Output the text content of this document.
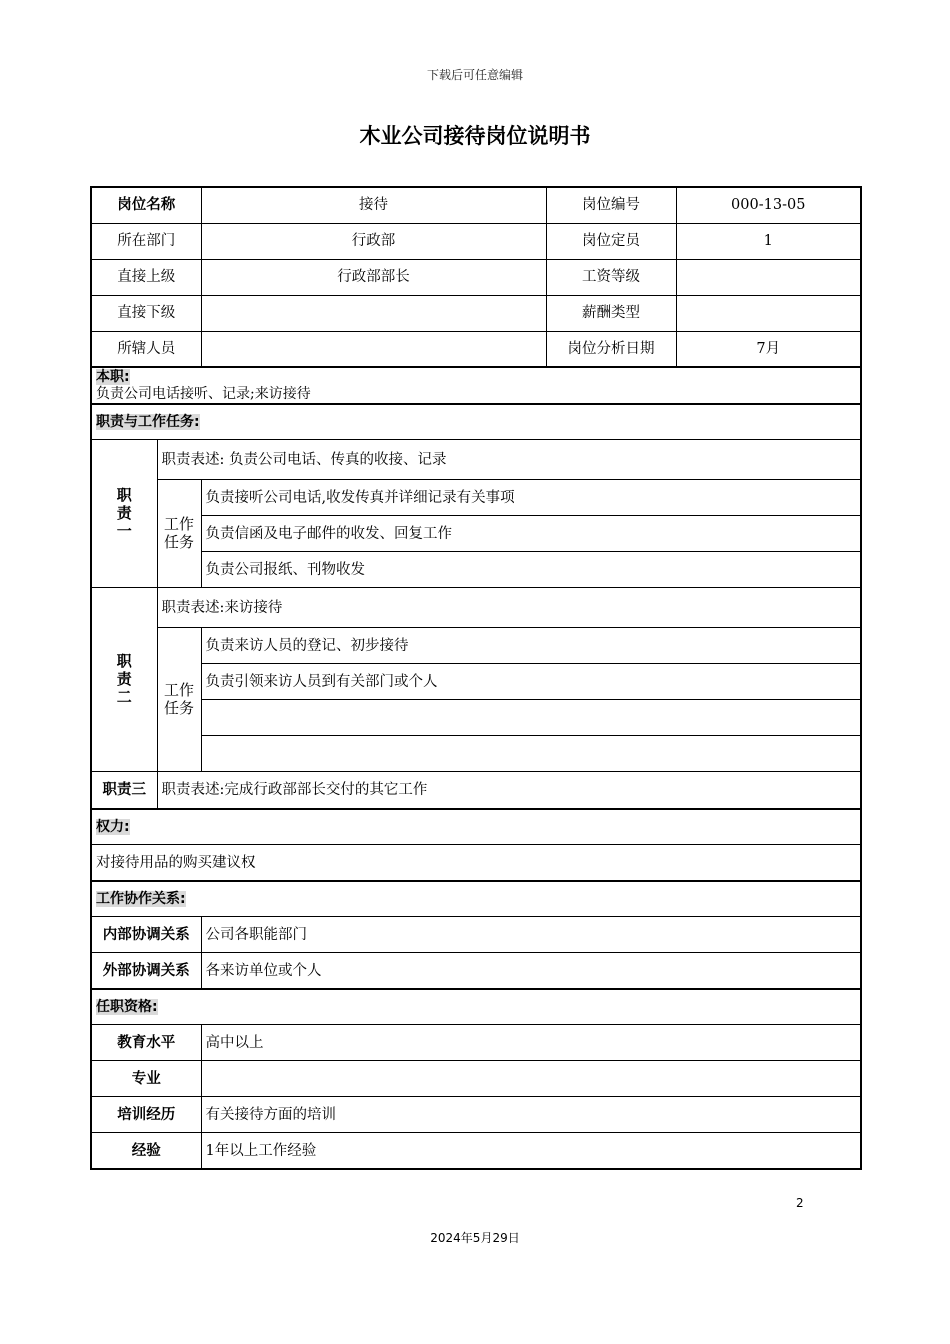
下载后可任意编辑
木业公司接待岗位说明书
岗位名称		接待	岗位编号	000-13-05
所在部门		行政部	岗位定员	1
直接上级		行政部部长	工资等级	
直接下级			薪酬类型	
所辖人员			岗位分析日期	7月
本职:
负责公司电话接听、记录;来访接待				

职责与工作任务:				
职责一	职责表述: 负责公司电话、传真的收接、记录			
	工作任务	负责接听公司电话,收发传真并详细记录有关事项		
		负责信函及电子邮件的收发、回复工作		
		负责公司报纸、刊物收发		
职责二	职责表述:来访接待			
	工作任务	负责来访人员的登记、初步接待		
		负责引领来访人员到有关部门或个人		

职责三	职责表述:完成行政部部长交付的其它工作			
权力:				
对接待用品的购买建议权				
工作协作关系:				
内部协调关系		公司各职能部门		
外部协调关系		各来访单位或个人		
任职资格:				
教育水平		高中以上		
专业				
培训经历		有关接待方面的培训		
经验		1年以上工作经验		
2
2024年5月29日
